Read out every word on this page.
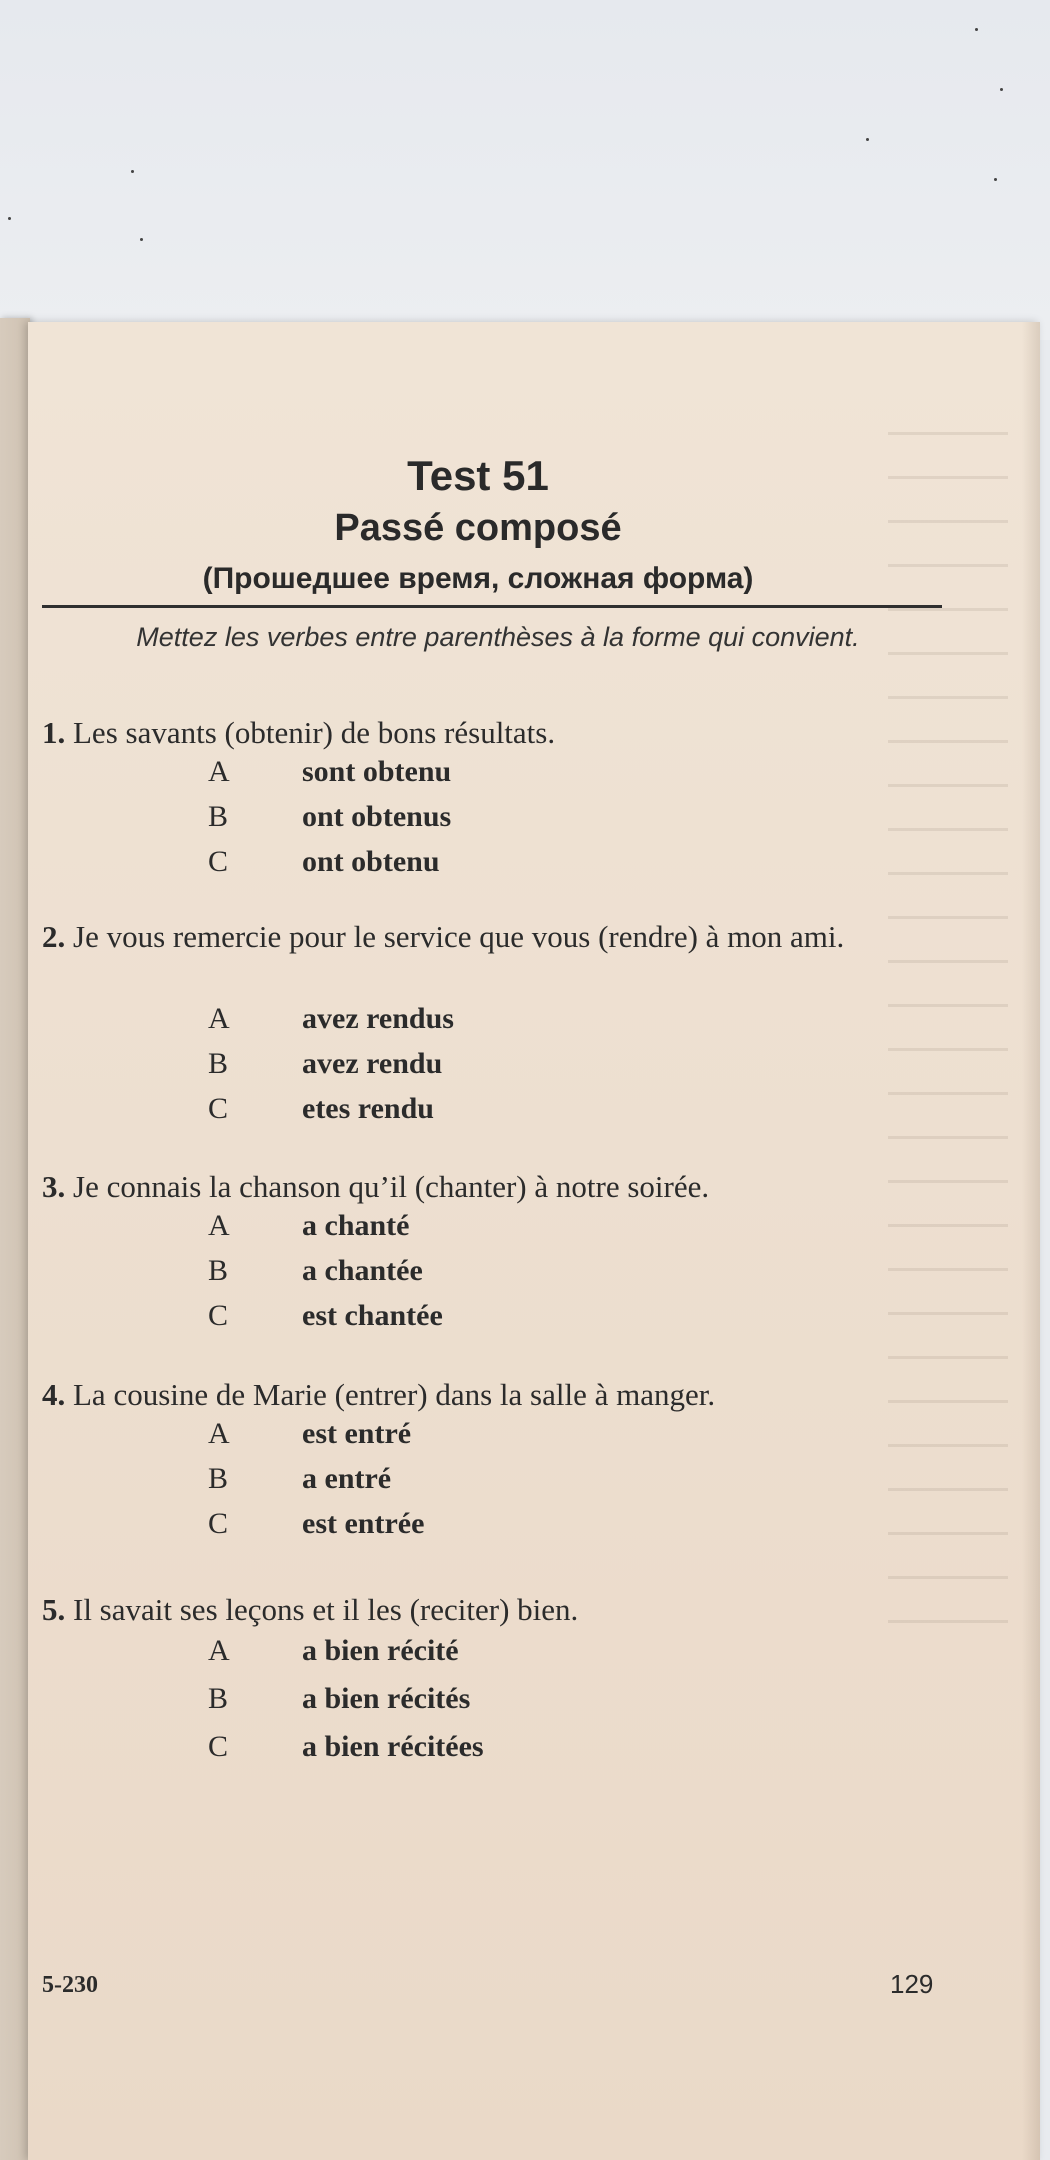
Test 51
Passé composé
(Прошедшее время, сложная форма)
Mettez les verbes entre parenthèses à la forme qui convient.
1. Les savants (obtenir) de bons résultats.
A	sont obtenu
B	ont obtenus
C	ont obtenu
2. Je vous remercie pour le service que vous (rendre) à mon ami.
A	avez rendus
B	avez rendu
C	etes rendu
3. Je connais la chanson qu’il (chanter) à notre soirée.
A	a chanté
B	a chantée
C	est chantée
4. La cousine de Marie (entrer) dans la salle à manger.
A	est entré
B	a entré
C	est entrée
5. Il savait ses leçons et il les (reciter) bien.
A	a bien récité
B	a bien récités
C	a bien récitées
5-230	129
